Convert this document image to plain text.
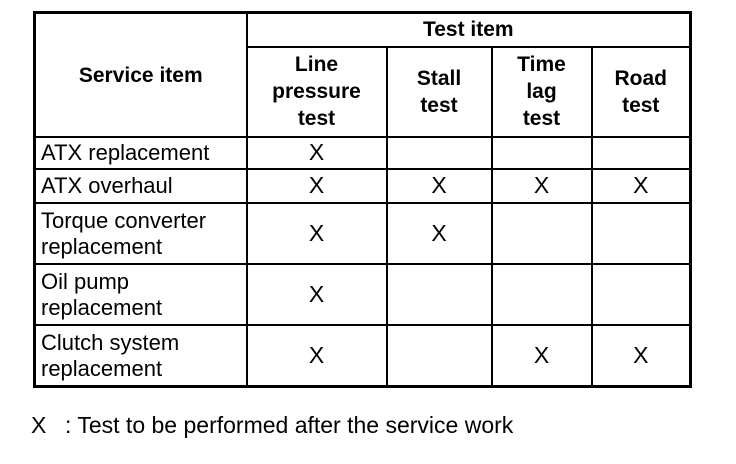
Service item	Test item			
	Line
pressure
test	Stall
test	Time
lag
test	Road
test
ATX replacement	X			
ATX overhaul	X	X	X	X
Torque converter
replacement	X	X		
Oil pump
replacement	X			
Clutch system
replacement	X		X	X
X : Test to be performed after the service work
